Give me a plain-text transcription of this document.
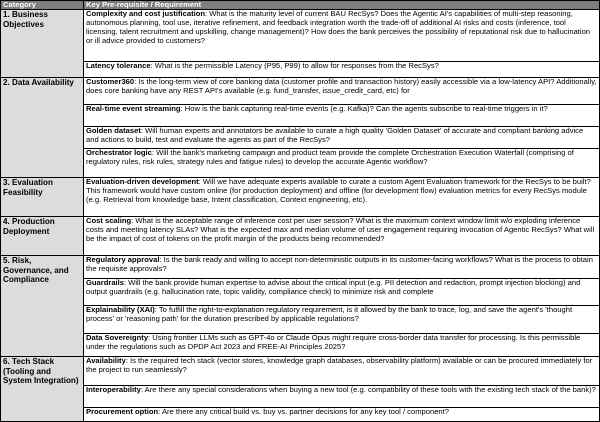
Category	Key Pre-requisite / Requirement
1. Business Objectives	Complexity and cost justification: What is the maturity level of current BAU RecSys? Does the Agentic AI's capabilities of multi-step reasoning, autonomous planning, tool use, iterative refinement, and feedback integration worth the trade-off of additional AI risks and costs (inference, tool licensing, talent recruitment and upskilling, change management)? How does the bank perceives the possibility of reputational risk due to hallucination or ill advice provided to customers?
	Latency tolerance: What is the permissible Latency (P95, P99) to allow for responses from the RecSys?
2. Data Availability	Customer360: Is the long-term view of core banking data (customer profile and transaction history) easily accessible via a low-latency API? Additionally, does core banking have any REST API's available (e.g. fund_transfer, issue_credit_card, etc) for
	Real-time event streaming: How is the bank capturing real-time events (e.g. Kafka)? Can the agents subscribe to real-time triggers in it?
	Golden dataset: Will human experts and annotators be available to curate a high quality 'Golden Dataset' of accurate and compliant banking advice and actions to build, test and evaluate the agents as part of the RecSys?
	Orchestrator logic: Will the bank's marketing campaign and product team provide the complete Orchestration Execution Waterfall (comprising of regulatory rules, risk rules, strategy rules and fatigue rules) to develop the accurate Agentic workflow?
3. Evaluation Feasibility	Evaluation-driven development: Will we have adequate experts available to curate a custom Agent Evaluation framework for the RecSys to be built? This framework would have custom online (for production deployment) and offline (for development flow) evaluation metrics for every RecSys module (e.g. Retrieval from knowledge base, Intent classification, Context engineering, etc).
4. Production Deployment	Cost scaling: What is the acceptable range of inference cost per user session? What is the maximum context window limit w/o exploding inference costs and meeting latency SLAs? What is the expected max and median volume of user engagement requiring invocation of Agentic RecSys? What will be the impact of cost of tokens on the profit margin of the products being recommended?
5. Risk, Governance, and Compliance	Regulatory approval: Is the bank ready and willing to accept non-deterministic outputs in its customer-facing workflows? What is the process to obtain the requisite approvals?
	Guardrails: Will the bank provide human expertise to advise about the critical input (e.g. PII detection and redaction, prompt injection blocking) and output guardrails (e.g. hallucination rate, topic validity, compliance check) to minimize risk and complete
	Explainability (XAI): To fulfill the right-to-explanation regulatory requirement, is it allowed by the bank to trace, log, and save the agent's 'thought process' or 'reasoning path' for the duration prescribed by applicable regulations?
	Data Sovereignty: Using frontier LLMs such as GPT-4o or Claude Opus might require cross-border data transfer for processing. Is this permissible under the regulations such as DPDP Act 2023 and FREE-AI Principles 2025?
6. Tech Stack (Tooling and System Integration)	Availability: Is the required tech stack (vector stores, knowledge graph databases, observability platform) available or can be procured immediately for the project to run seamlessly?
	Interoperability: Are there any special considerations when buying a new tool (e.g. compatibility of these tools with the existing tech stack of the bank)?
	Procurement option: Are there any critical build vs. buy vs. partner decisions for any key tool / component?
